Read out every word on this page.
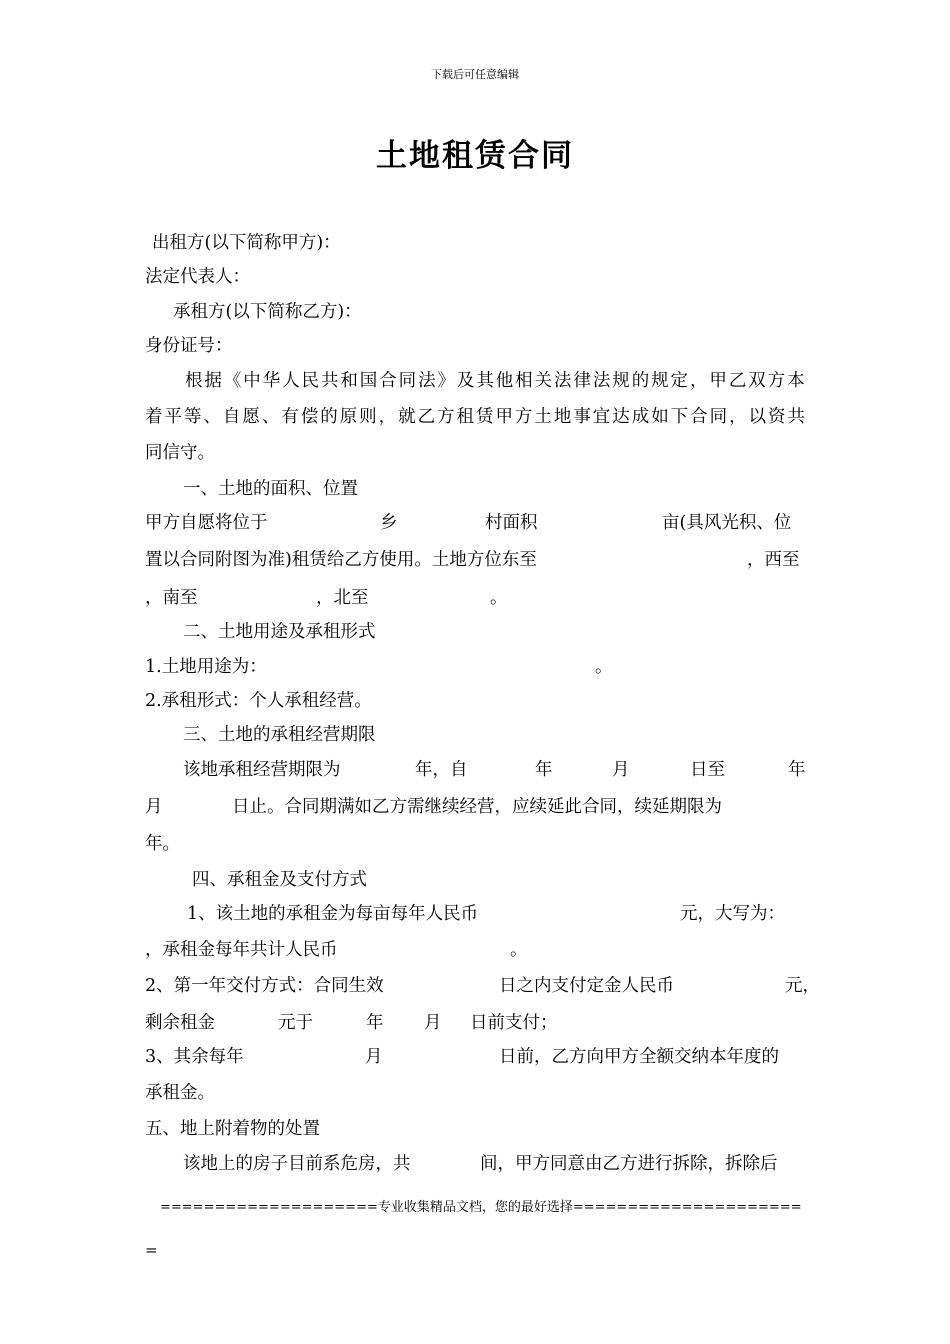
下载后可任意编辑
土地租赁合同
出租方(以下简称甲方)：
法定代表人：
承租方(以下简称乙方)：
身份证号：
根 据 《 中 华 人 民 共 和 国 合 同 法 》 及 其 他 相 关 法 律 法 规 的 规 定 ， 甲 乙 双 方 本
着 平 等 、 自 愿 、 有 偿 的 原 则 ， 就 乙 方 租 赁 甲 方 土 地 事 宜 达 成 如 下 合 同 ， 以 资 共
同信守。
一、土地的面积、位置
甲方自愿将位于	乡	村面积	亩(具风光积、位
置以合同附图为准)租赁给乙方使用。土地方位东至	，西至
，南至	，北至	。
二、土地用途及承租形式
1.土地用途为：	。
2.承租形式：个人承租经营。
三、土地的承租经营期限
该地承租经营期限为	年，自	年	月	日至	年
月	日止。合同期满如乙方需继续经营，应续延此合同，续延期限为
年。
四、承租金及支付方式
1、该土地的承租金为每亩每年人民币	元，大写为：
，承租金每年共计人民币	。
2、第一年交付方式：合同生效	日之内支付定金人民币	元，
剩余租金	元于	年 月 日前支付；
3、其余每年	月	日前，乙方向甲方全额交纳本年度的
承租金。
五、地上附着物的处置
该地上的房子目前系危房，共	间，甲方同意由乙方进行拆除，拆除后
====================专业收集精品文档，您的最好选择=====================
=
